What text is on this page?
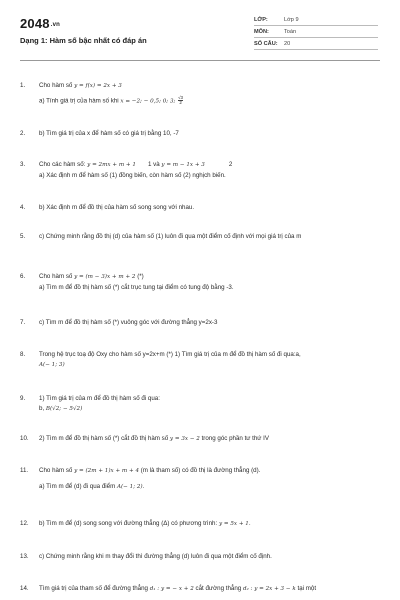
2048.vn
Dạng 1: Hàm số bậc nhất có đáp án
LỚP:	Lớp 9
MÔN:	Toán
SỐ CÂU:	20
1.	Cho hàm số y = f(x) = 2x + 3
a) Tính giá trị của hàm số khi x = −2; − 0,5; 0; 3; $\frac{√3}{2}$
2.	b) Tìm giá trị của x để hàm số có giá trị bằng 10, -7
3.	Cho các hàm số: y = 2mx + m + 1 1 và y = m − 1x + 3	2
a) Xác định m để hàm số (1) đồng biến, còn hàm số (2) nghịch biến.
4.	b) Xác định m để đồ thị của hàm số song song với nhau.
5.	c) Chứng minh rằng đồ thị (d) của hàm số (1) luôn đi qua một điểm cố định với mọi giá trị của m
6.	Cho hàm số y = (m − 3)x + m + 2 (*)
a) Tìm m để đồ thị hàm số (*) cắt trục tung tại điểm có tung độ bằng -3.
7.	c) Tìm m để đồ thị hàm số (*) vuông góc với đường thẳng y=2x-3
8.	Trong hệ trục toạ độ Oxy cho hàm số y=2x+m (*) 1) Tìm giá trị của m để đồ thị hàm số đi qua:a,
A(− 1; 3)
9.	1) Tìm giá trị của m để đồ thị hàm số đi qua:
b, B(√2; − 5√2)
10.	2) Tìm m để đồ thị hàm số (*) cắt đồ thị hàm số y = 3x − 2 trong góc phần tư thứ IV
11.	Cho hàm số y = (2m + 1)x + m + 4 (m là tham số) có đồ thị là đường thẳng (d).
a) Tìm m để (d) đi qua điểm A(− 1; 2).
12.	b) Tìm m để (d) song song với đường thẳng (Δ) có phương trình: y = 5x + 1.
13.	c) Chứng minh rằng khi m thay đổi thì đường thẳng (d) luôn đi qua một điểm cố định.
14.	Tìm giá trị của tham số để đường thẳng d₁ : y = − x + 2 cắt đường thẳng d₂ : y = 2x + 3 − k tại một
